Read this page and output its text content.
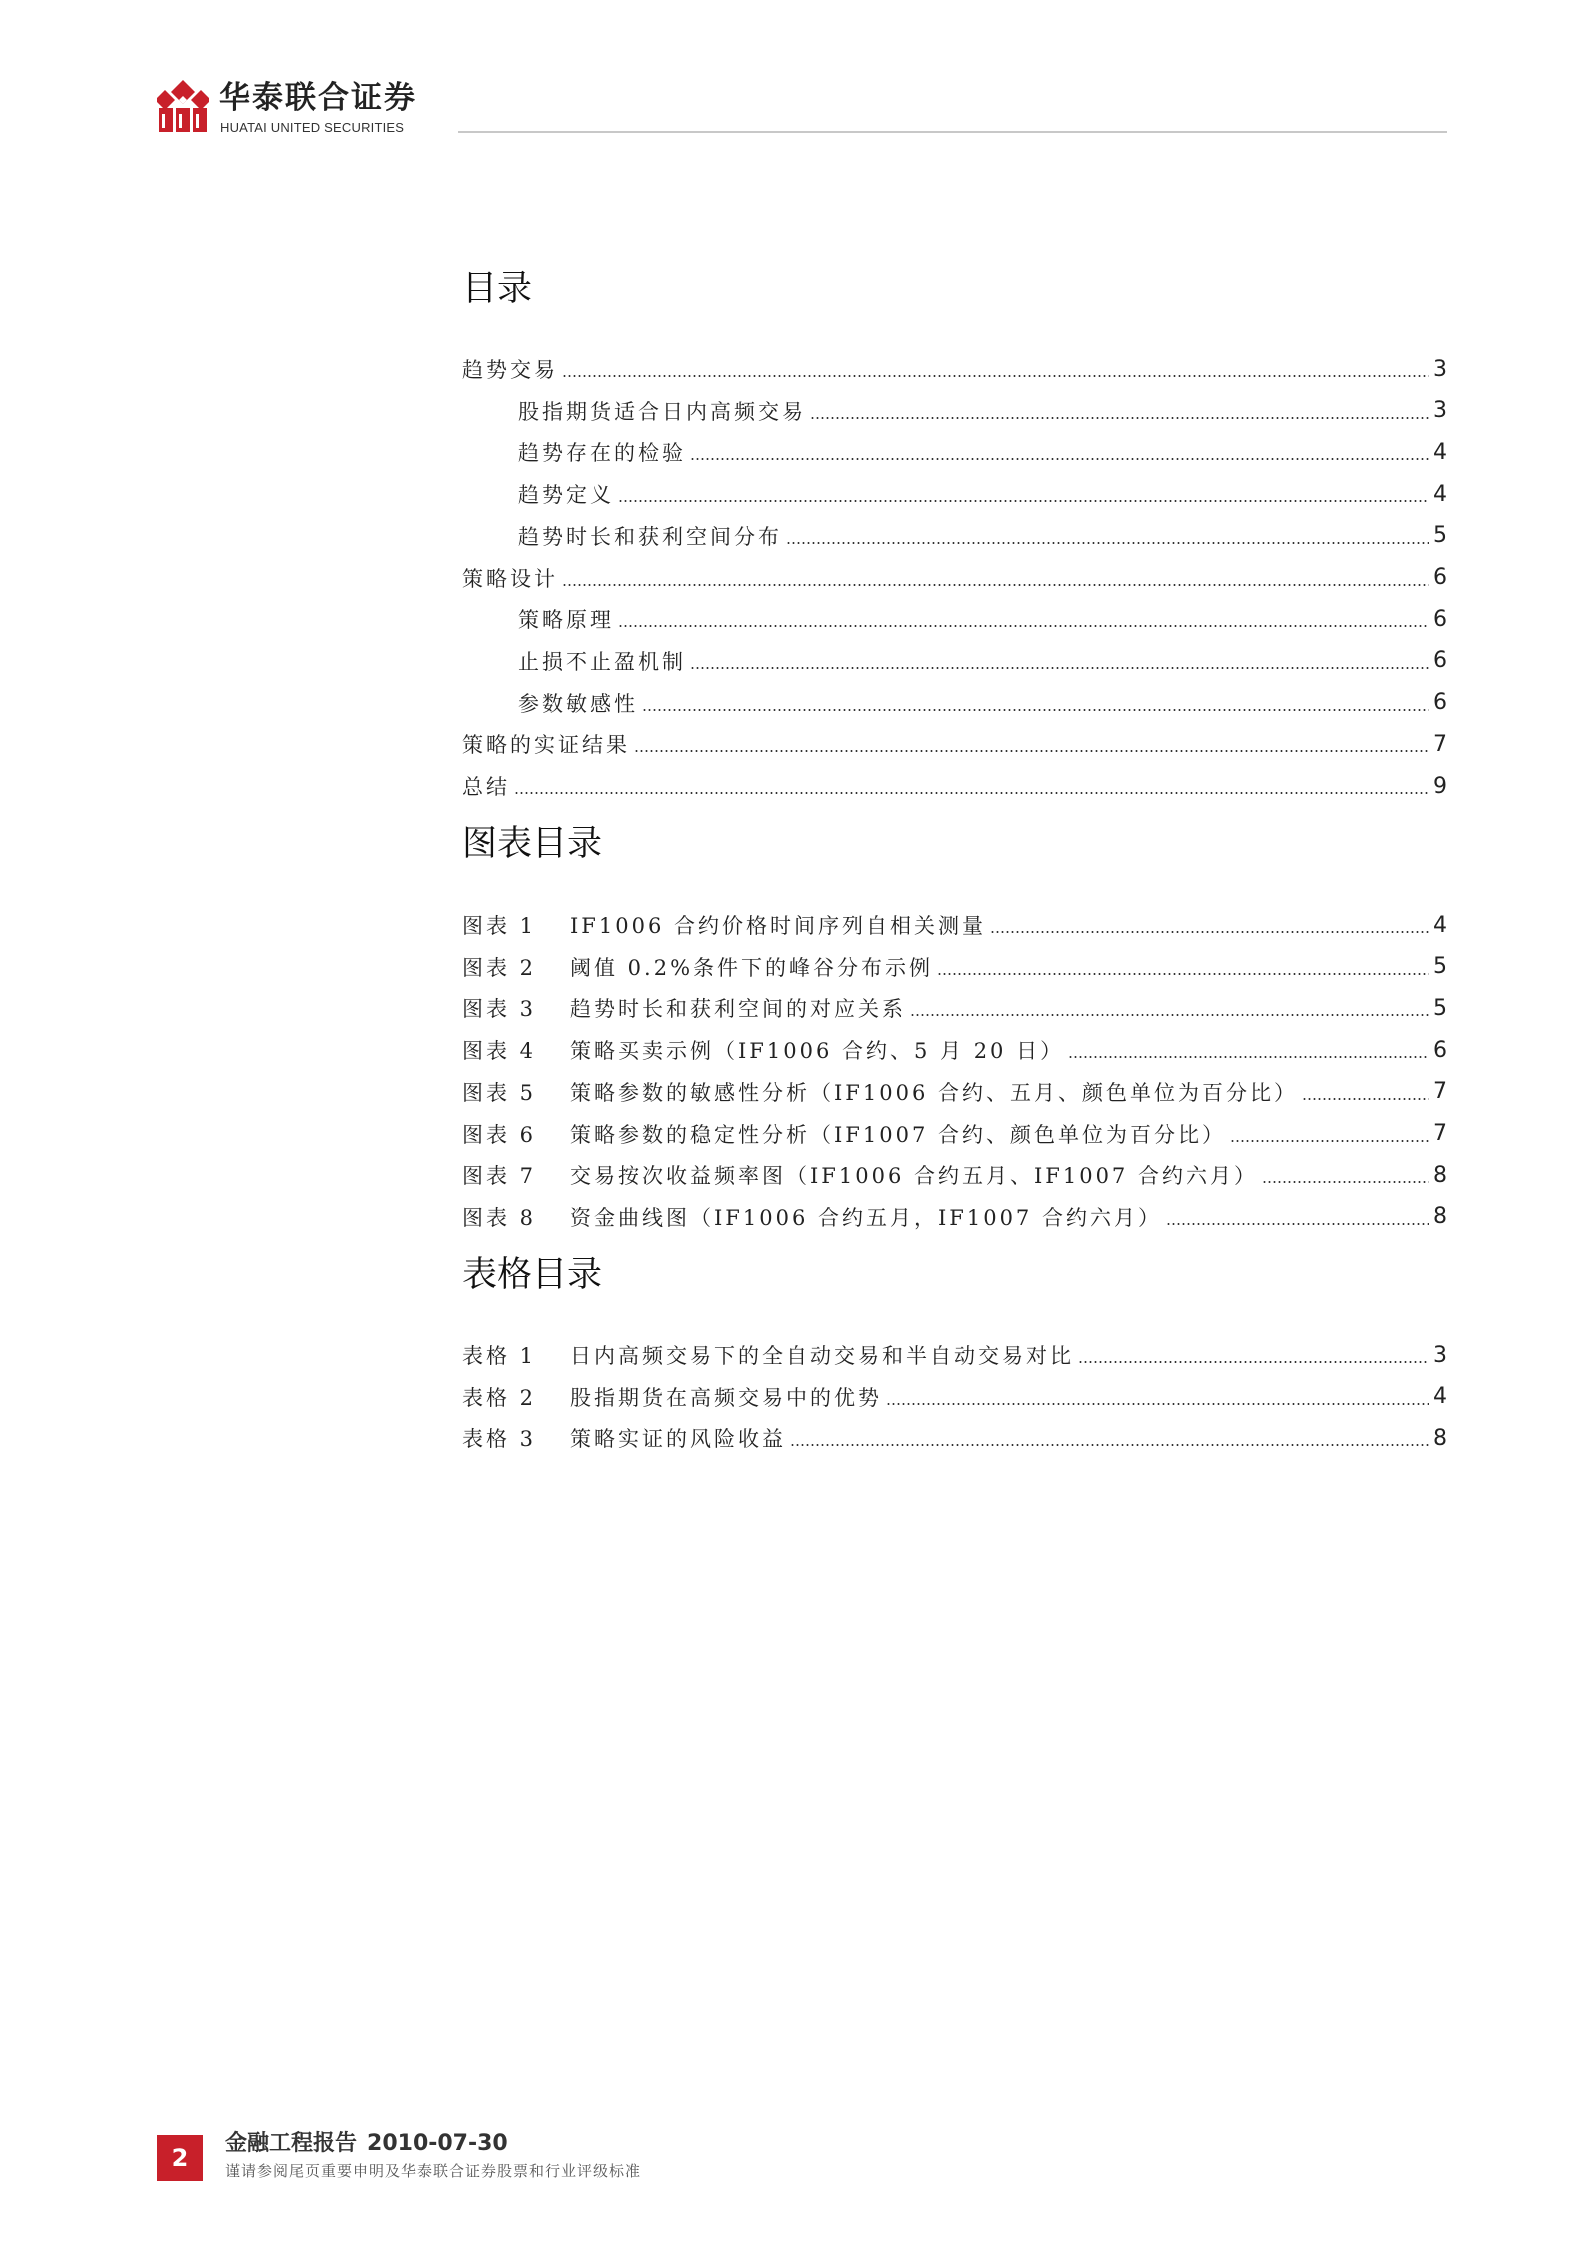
华泰联合证券
HUATAI UNITED SECURITIES
目录
趋势交易	3
股指期货适合日内高频交易	3
趋势存在的检验	4
趋势定义	4
趋势时长和获利空间分布	5
策略设计	6
策略原理	6
止损不止盈机制	6
参数敏感性	6
策略的实证结果	7
总结	9
图表目录
图表 1	IF1006 合约价格时间序列自相关测量	4
图表 2	阈值 0.2%条件下的峰谷分布示例	5
图表 3	趋势时长和获利空间的对应关系	5
图表 4	策略买卖示例（IF1006 合约、5 月 20 日）	6
图表 5	策略参数的敏感性分析（IF1006 合约、五月、颜色单位为百分比）	7
图表 6	策略参数的稳定性分析（IF1007 合约、颜色单位为百分比）	7
图表 7	交易按次收益频率图（IF1006 合约五月、IF1007 合约六月）	8
图表 8	资金曲线图（IF1006 合约五月，IF1007 合约六月）	8
表格目录
表格 1	日内高频交易下的全自动交易和半自动交易对比	3
表格 2	股指期货在高频交易中的优势	4
表格 3	策略实证的风险收益	8
2
金融工程报告 2010-07-30
谨请参阅尾页重要申明及华泰联合证券股票和行业评级标准
